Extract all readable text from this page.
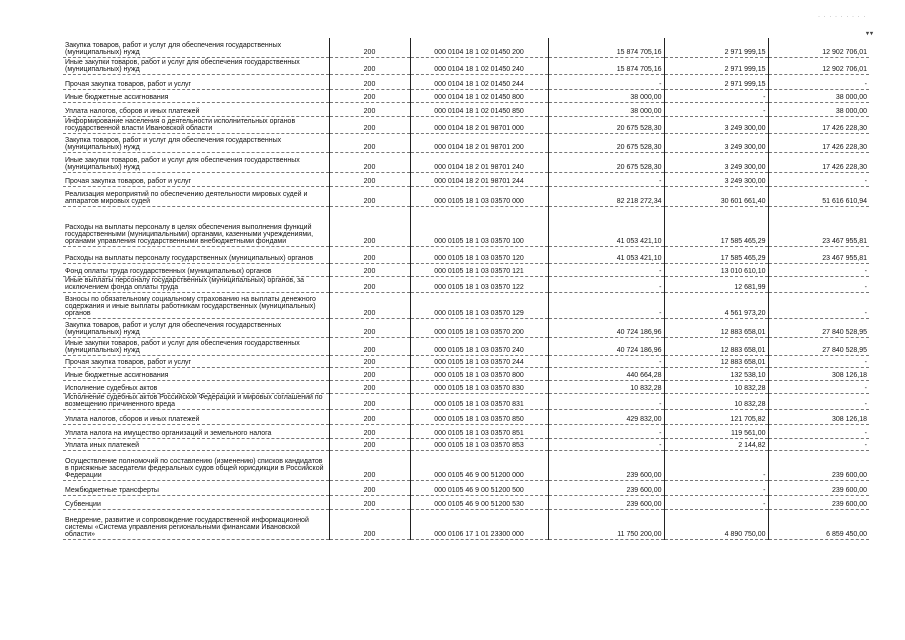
· · · · · · · · ·
▾▾
Закупка товаров, работ и услуг для обеспечения государственных (муниципальных) нужд	200	000 0104 18 1 02 01450 200	15 874 705,16	2 971 999,15	12 902 706,01
Иные закупки товаров, работ и услуг для обеспечения государственных (муниципальных) нужд	200	000 0104 18 1 02 01450 240	15 874 705,16	2 971 999,15	12 902 706,01
Прочая закупка товаров, работ и услуг	200	000 0104 18 1 02 01450 244	-	2 971 999,15	-
Иные бюджетные ассигнования	200	000 0104 18 1 02 01450 800	38 000,00	-	38 000,00
Уплата налогов, сборов и иных платежей	200	000 0104 18 1 02 01450 850	38 000,00	-	38 000,00
Информирование населения о деятельности исполнительных органов государственной власти Ивановской области	200	000 0104 18 2 01 98701 000	20 675 528,30	3 249 300,00	17 426 228,30
Закупка товаров, работ и услуг для обеспечения государственных (муниципальных) нужд	200	000 0104 18 2 01 98701 200	20 675 528,30	3 249 300,00	17 426 228,30
Иные закупки товаров, работ и услуг для обеспечения государственных (муниципальных) нужд	200	000 0104 18 2 01 98701 240	20 675 528,30	3 249 300,00	17 426 228,30
Прочая закупка товаров, работ и услуг	200	000 0104 18 2 01 98701 244	-	3 249 300,00	-
Реализация мероприятий по обеспечению деятельности мировых судей и аппаратов мировых судей	200	000 0105 18 1 03 03570 000	82 218 272,34	30 601 661,40	51 616 610,94
Расходы на выплаты персоналу в целях обеспечения выполнения функций государственными (муниципальными) органами, казенными учреждениями, органами управления государственными внебюджетными фондами	200	000 0105 18 1 03 03570 100	41 053 421,10	17 585 465,29	23 467 955,81
Расходы на выплаты персоналу государственных (муниципальных) органов	200	000 0105 18 1 03 03570 120	41 053 421,10	17 585 465,29	23 467 955,81
Фонд оплаты труда государственных (муниципальных) органов	200	000 0105 18 1 03 03570 121	-	13 010 610,10	-
Иные выплаты персоналу государственных (муниципальных) органов, за исключением фонда оплаты труда	200	000 0105 18 1 03 03570 122	-	12 681,99	-
Взносы по обязательному социальному страхованию на выплаты денежного содержания и иные выплаты работникам государственных (муниципальных) органов	200	000 0105 18 1 03 03570 129	-	4 561 973,20	-
Закупка товаров, работ и услуг для обеспечения государственных (муниципальных) нужд	200	000 0105 18 1 03 03570 200	40 724 186,96	12 883 658,01	27 840 528,95
Иные закупки товаров, работ и услуг для обеспечения государственных (муниципальных) нужд	200	000 0105 18 1 03 03570 240	40 724 186,96	12 883 658,01	27 840 528,95
Прочая закупка товаров, работ и услуг	200	000 0105 18 1 03 03570 244	-	12 883 658,01	-
Иные бюджетные ассигнования	200	000 0105 18 1 03 03570 800	440 664,28	132 538,10	308 126,18
Исполнение судебных актов	200	000 0105 18 1 03 03570 830	10 832,28	10 832,28	-
Исполнение судебных актов Российской Федерации и мировых соглашений по возмещению причиненного вреда	200	000 0105 18 1 03 03570 831	-	10 832,28	-
Уплата налогов, сборов и иных платежей	200	000 0105 18 1 03 03570 850	429 832,00	121 705,82	308 126,18
Уплата налога на имущество организаций и земельного налога	200	000 0105 18 1 03 03570 851	-	119 561,00	-
Уплата иных платежей	200	000 0105 18 1 03 03570 853	-	2 144,82	-
Осуществление полномочий по составлению (изменению) списков кандидатов в присяжные заседатели федеральных судов общей юрисдикции в Российской Федерации	200	000 0105 46 9 00 51200 000	239 600,00	-	239 600,00
Межбюджетные трансферты	200	000 0105 46 9 00 51200 500	239 600,00	-	239 600,00
Субвенции	200	000 0105 46 9 00 51200 530	239 600,00	-	239 600,00
Внедрение, развитие и сопровождение государственной информационной системы «Система управления региональными финансами Ивановской области»	200	000 0106 17 1 01 23300 000	11 750 200,00	4 890 750,00	6 859 450,00
